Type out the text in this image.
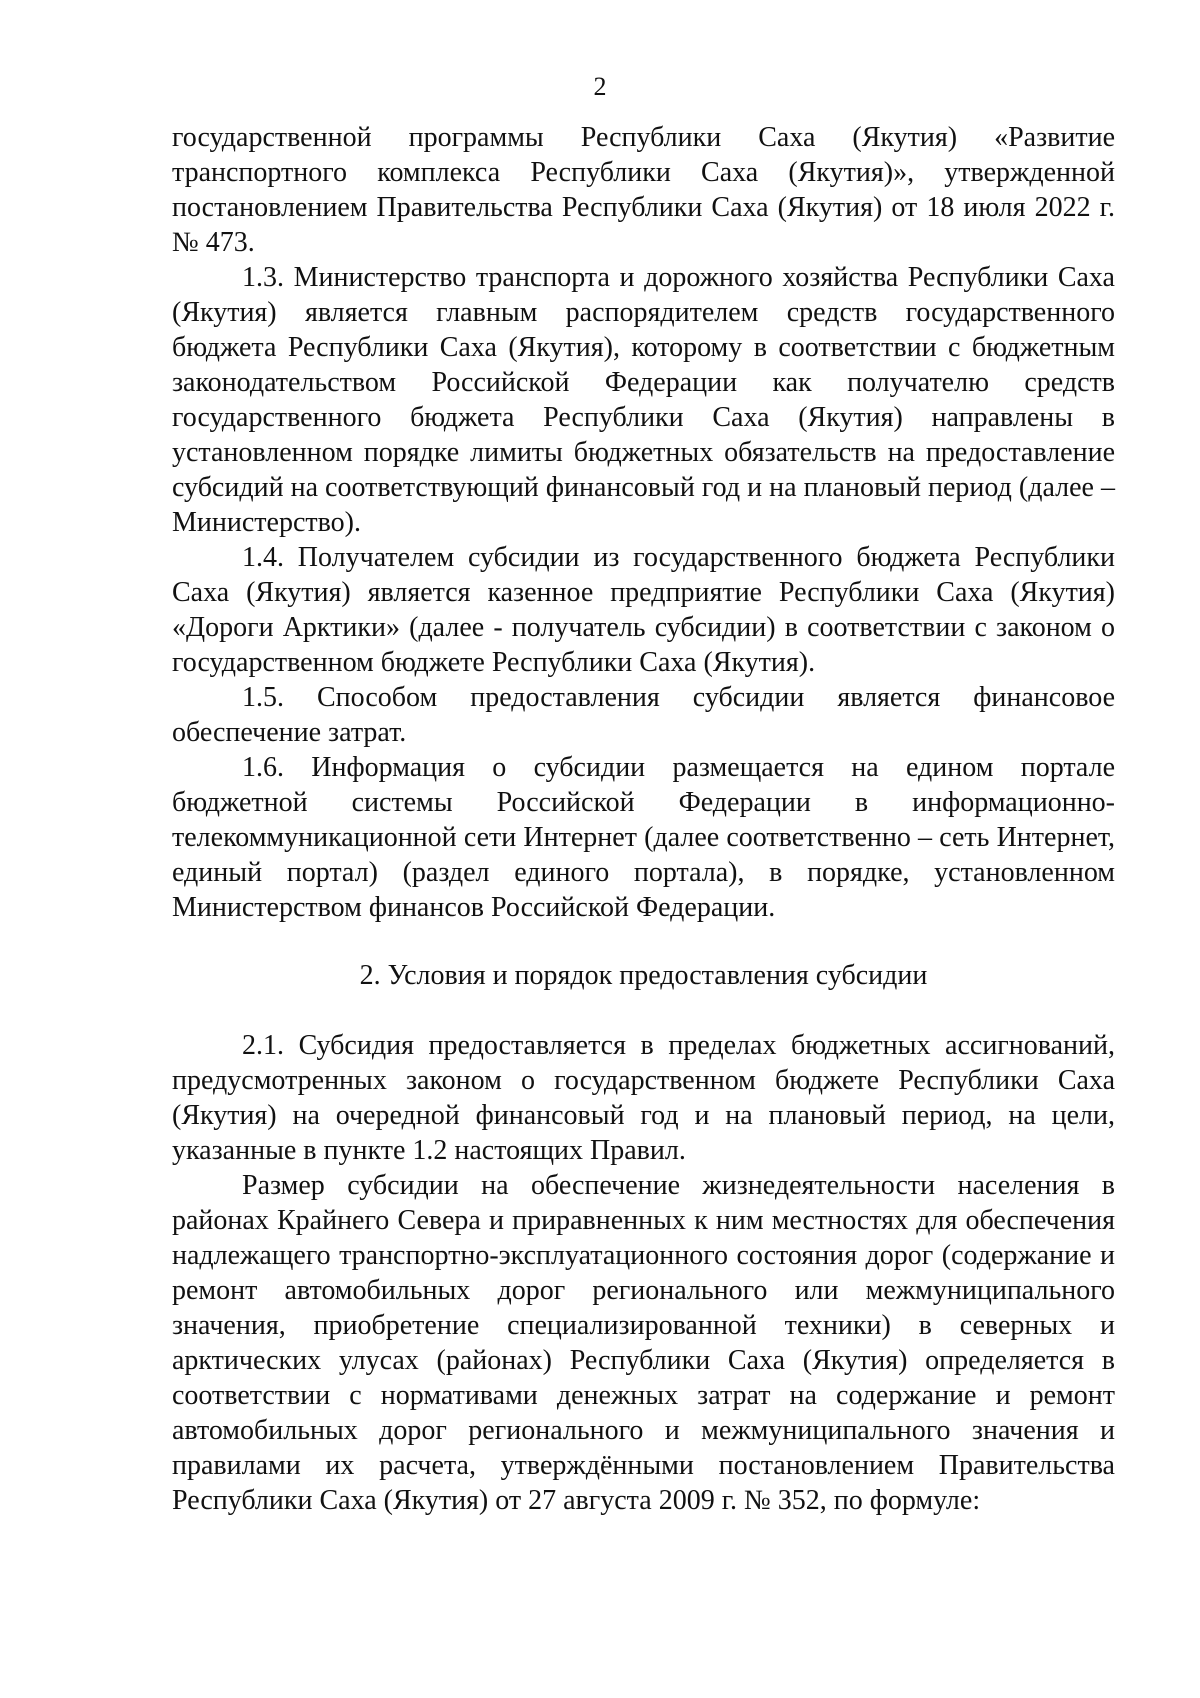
2

государственной программы Республики Саха (Якутия) «Развитие транспортного комплекса Республики Саха (Якутия)», утвержденной постановлением Правительства Республики Саха (Якутия) от 18 июля 2022 г. № 473.

1.3. Министерство транспорта и дорожного хозяйства Республики Саха (Якутия) является главным распорядителем средств государственного бюджета Республики Саха (Якутия), которому в соответствии с бюджетным законодательством Российской Федерации как получателю средств государственного бюджета Республики Саха (Якутия) направлены в установленном порядке лимиты бюджетных обязательств на предоставление субсидий на соответствующий финансовый год и на плановый период (далее – Министерство).

1.4. Получателем субсидии из государственного бюджета Республики Саха (Якутия) является казенное предприятие Республики Саха (Якутия) «Дороги Арктики» (далее - получатель субсидии) в соответствии с законом о государственном бюджете Республики Саха (Якутия).

1.5. Способом предоставления субсидии является финансовое обеспечение затрат.

1.6. Информация о субсидии размещается на едином портале бюджетной системы Российской Федерации в информационно-телекоммуникационной сети Интернет (далее соответственно – сеть Интернет, единый портал) (раздел единого портала), в порядке, установленном Министерством финансов Российской Федерации.

2. Условия и порядок предоставления субсидии

2.1. Субсидия предоставляется в пределах бюджетных ассигнований, предусмотренных законом о государственном бюджете Республики Саха (Якутия) на очередной финансовый год и на плановый период, на цели, указанные в пункте 1.2 настоящих Правил.

Размер субсидии на обеспечение жизнедеятельности населения в районах Крайнего Севера и приравненных к ним местностях для обеспечения надлежащего транспортно-эксплуатационного состояния дорог (содержание и ремонт автомобильных дорог регионального или межмуниципального значения, приобретение специализированной техники) в северных и арктических улусах (районах) Республики Саха (Якутия) определяется в соответствии с нормативами денежных затрат на содержание и ремонт автомобильных дорог регионального и межмуниципального значения и правилами их расчета, утверждёнными постановлением Правительства Республики Саха (Якутия) от 27 августа 2009 г. № 352, по формуле:
